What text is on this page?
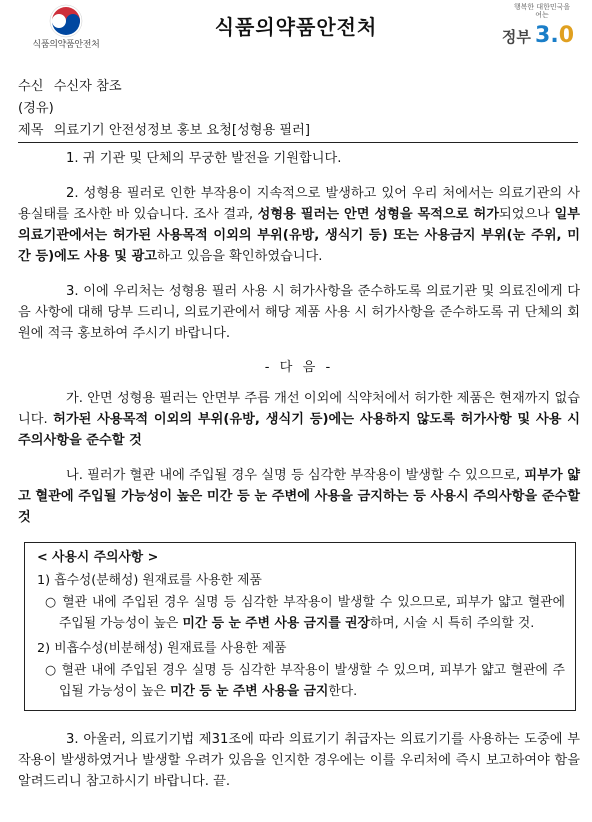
식품의약품안전처
식품의약품안전처
행복한 대한민국을 여는
정부 3.0
수신 수신자 참조
(경유)
제목 의료기기 안전성정보 홍보 요청[성형용 필러]

1. 귀 기관 및 단체의 무궁한 발전을 기원합니다.

2. 성형용 필러로 인한 부작용이 지속적으로 발생하고 있어 우리 처에서는 의료기관의 사용실태를 조사한 바 있습니다. 조사 결과, 성형용 필러는 안면 성형을 목적으로 허가되었으나 일부 의료기관에서는 허가된 사용목적 이외의 부위(유방, 생식기 등) 또는 사용금지 부위(눈 주위, 미간 등)에도 사용 및 광고하고 있음을 확인하였습니다.

3. 이에 우리처는 성형용 필러 사용 시 허가사항을 준수하도록 의료기관 및 의료진에게 다음 사항에 대해 당부 드리니, 의료기관에서 해당 제품 사용 시 허가사항을 준수하도록 귀 단체의 회원에 적극 홍보하여 주시기 바랍니다.

- 다 음 -

가. 안면 성형용 필러는 안면부 주름 개선 이외에 식약처에서 허가한 제품은 현재까지 없습니다. 허가된 사용목적 이외의 부위(유방, 생식기 등)에는 사용하지 않도록 허가사항 및 사용 시 주의사항을 준수할 것

나. 필러가 혈관 내에 주입될 경우 실명 등 심각한 부작용이 발생할 수 있으므로, 피부가 얇고 혈관에 주입될 가능성이 높은 미간 등 눈 주변에 사용을 금지하는 등 사용시 주의사항을 준수할 것

< 사용시 주의사항 >
1) 흡수성(분해성) 원재료를 사용한 제품
○ 혈관 내에 주입된 경우 실명 등 심각한 부작용이 발생할 수 있으므로, 피부가 얇고 혈관에 주입될 가능성이 높은 미간 등 눈 주변 사용 금지를 권장하며, 시술 시 특히 주의할 것.
2) 비흡수성(비분해성) 원재료를 사용한 제품
○ 혈관 내에 주입된 경우 실명 등 심각한 부작용이 발생할 수 있으며, 피부가 얇고 혈관에 주입될 가능성이 높은 미간 등 눈 주변 사용을 금지한다.

3. 아울러, 의료기기법 제31조에 따라 의료기기 취급자는 의료기기를 사용하는 도중에 부작용이 발생하였거나 발생할 우려가 있음을 인지한 경우에는 이를 우리처에 즉시 보고하여야 함을 알려드리니 참고하시기 바랍니다. 끝.
